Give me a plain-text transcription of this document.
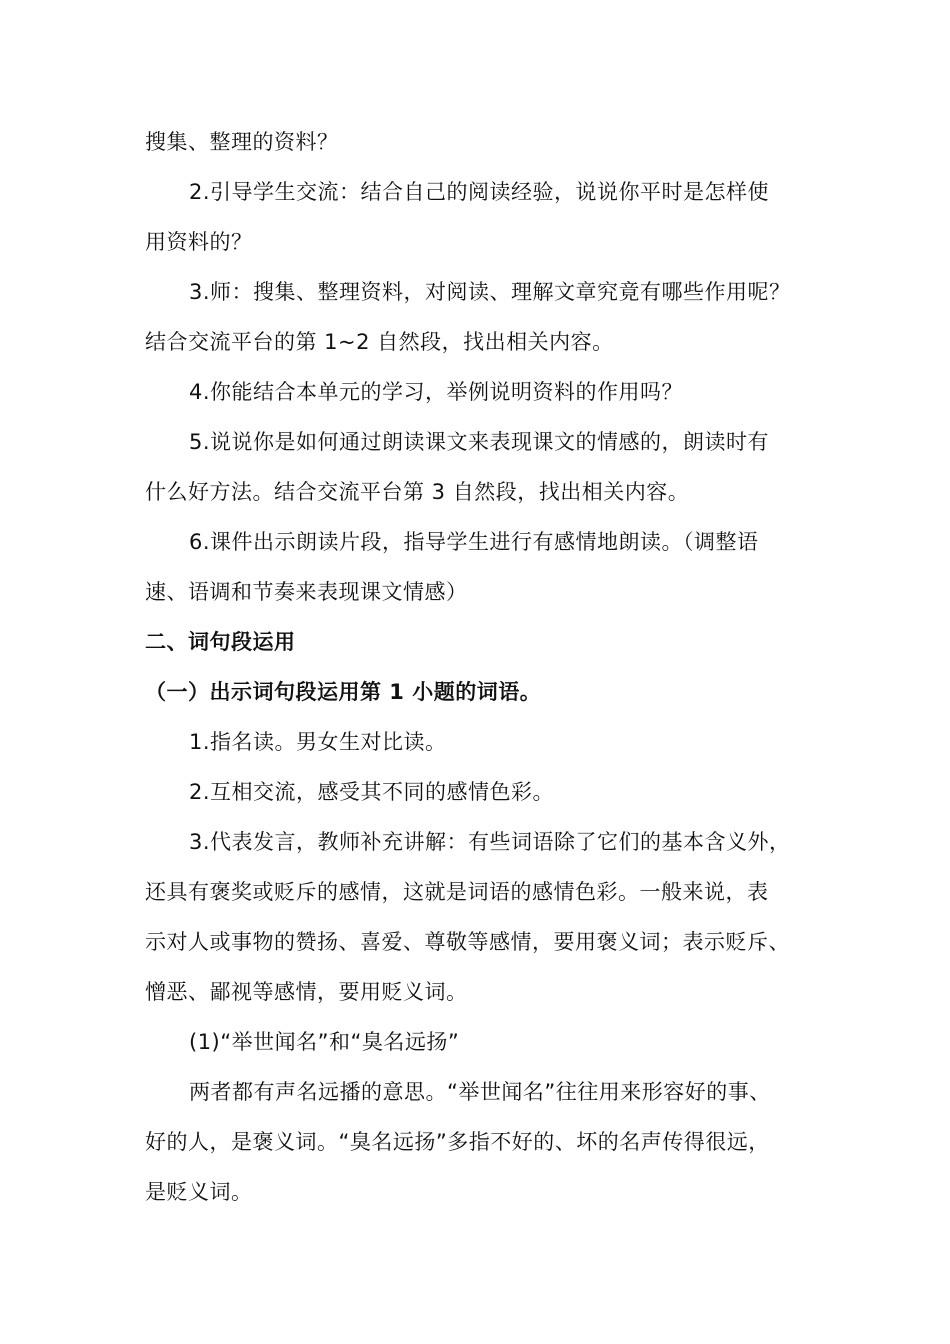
搜集、整理的资料？
2.引导学生交流：结合自己的阅读经验，说说你平时是怎样使
用资料的？
3.师：搜集、整理资料，对阅读、理解文章究竟有哪些作用呢？
结合交流平台的第 1~2 自然段，找出相关内容。
4.你能结合本单元的学习，举例说明资料的作用吗？
5.说说你是如何通过朗读课文来表现课文的情感的，朗读时有
什么好方法。结合交流平台第 3 自然段，找出相关内容。
6.课件出示朗读片段，指导学生进行有感情地朗读。（调整语
速、语调和节奏来表现课文情感）
二、词句段运用
（一）出示词句段运用第 1 小题的词语。
1.指名读。男女生对比读。
2.互相交流，感受其不同的感情色彩。
3.代表发言，教师补充讲解：有些词语除了它们的基本含义外，
还具有褒奖或贬斥的感情，这就是词语的感情色彩。一般来说，表
示对人或事物的赞扬、喜爱、尊敬等感情，要用褒义词；表示贬斥、
憎恶、鄙视等感情，要用贬义词。
(1)“举世闻名”和“臭名远扬”
两者都有声名远播的意思。“举世闻名”往往用来形容好的事、
好的人，是褒义词。“臭名远扬”多指不好的、坏的名声传得很远，
是贬义词。
